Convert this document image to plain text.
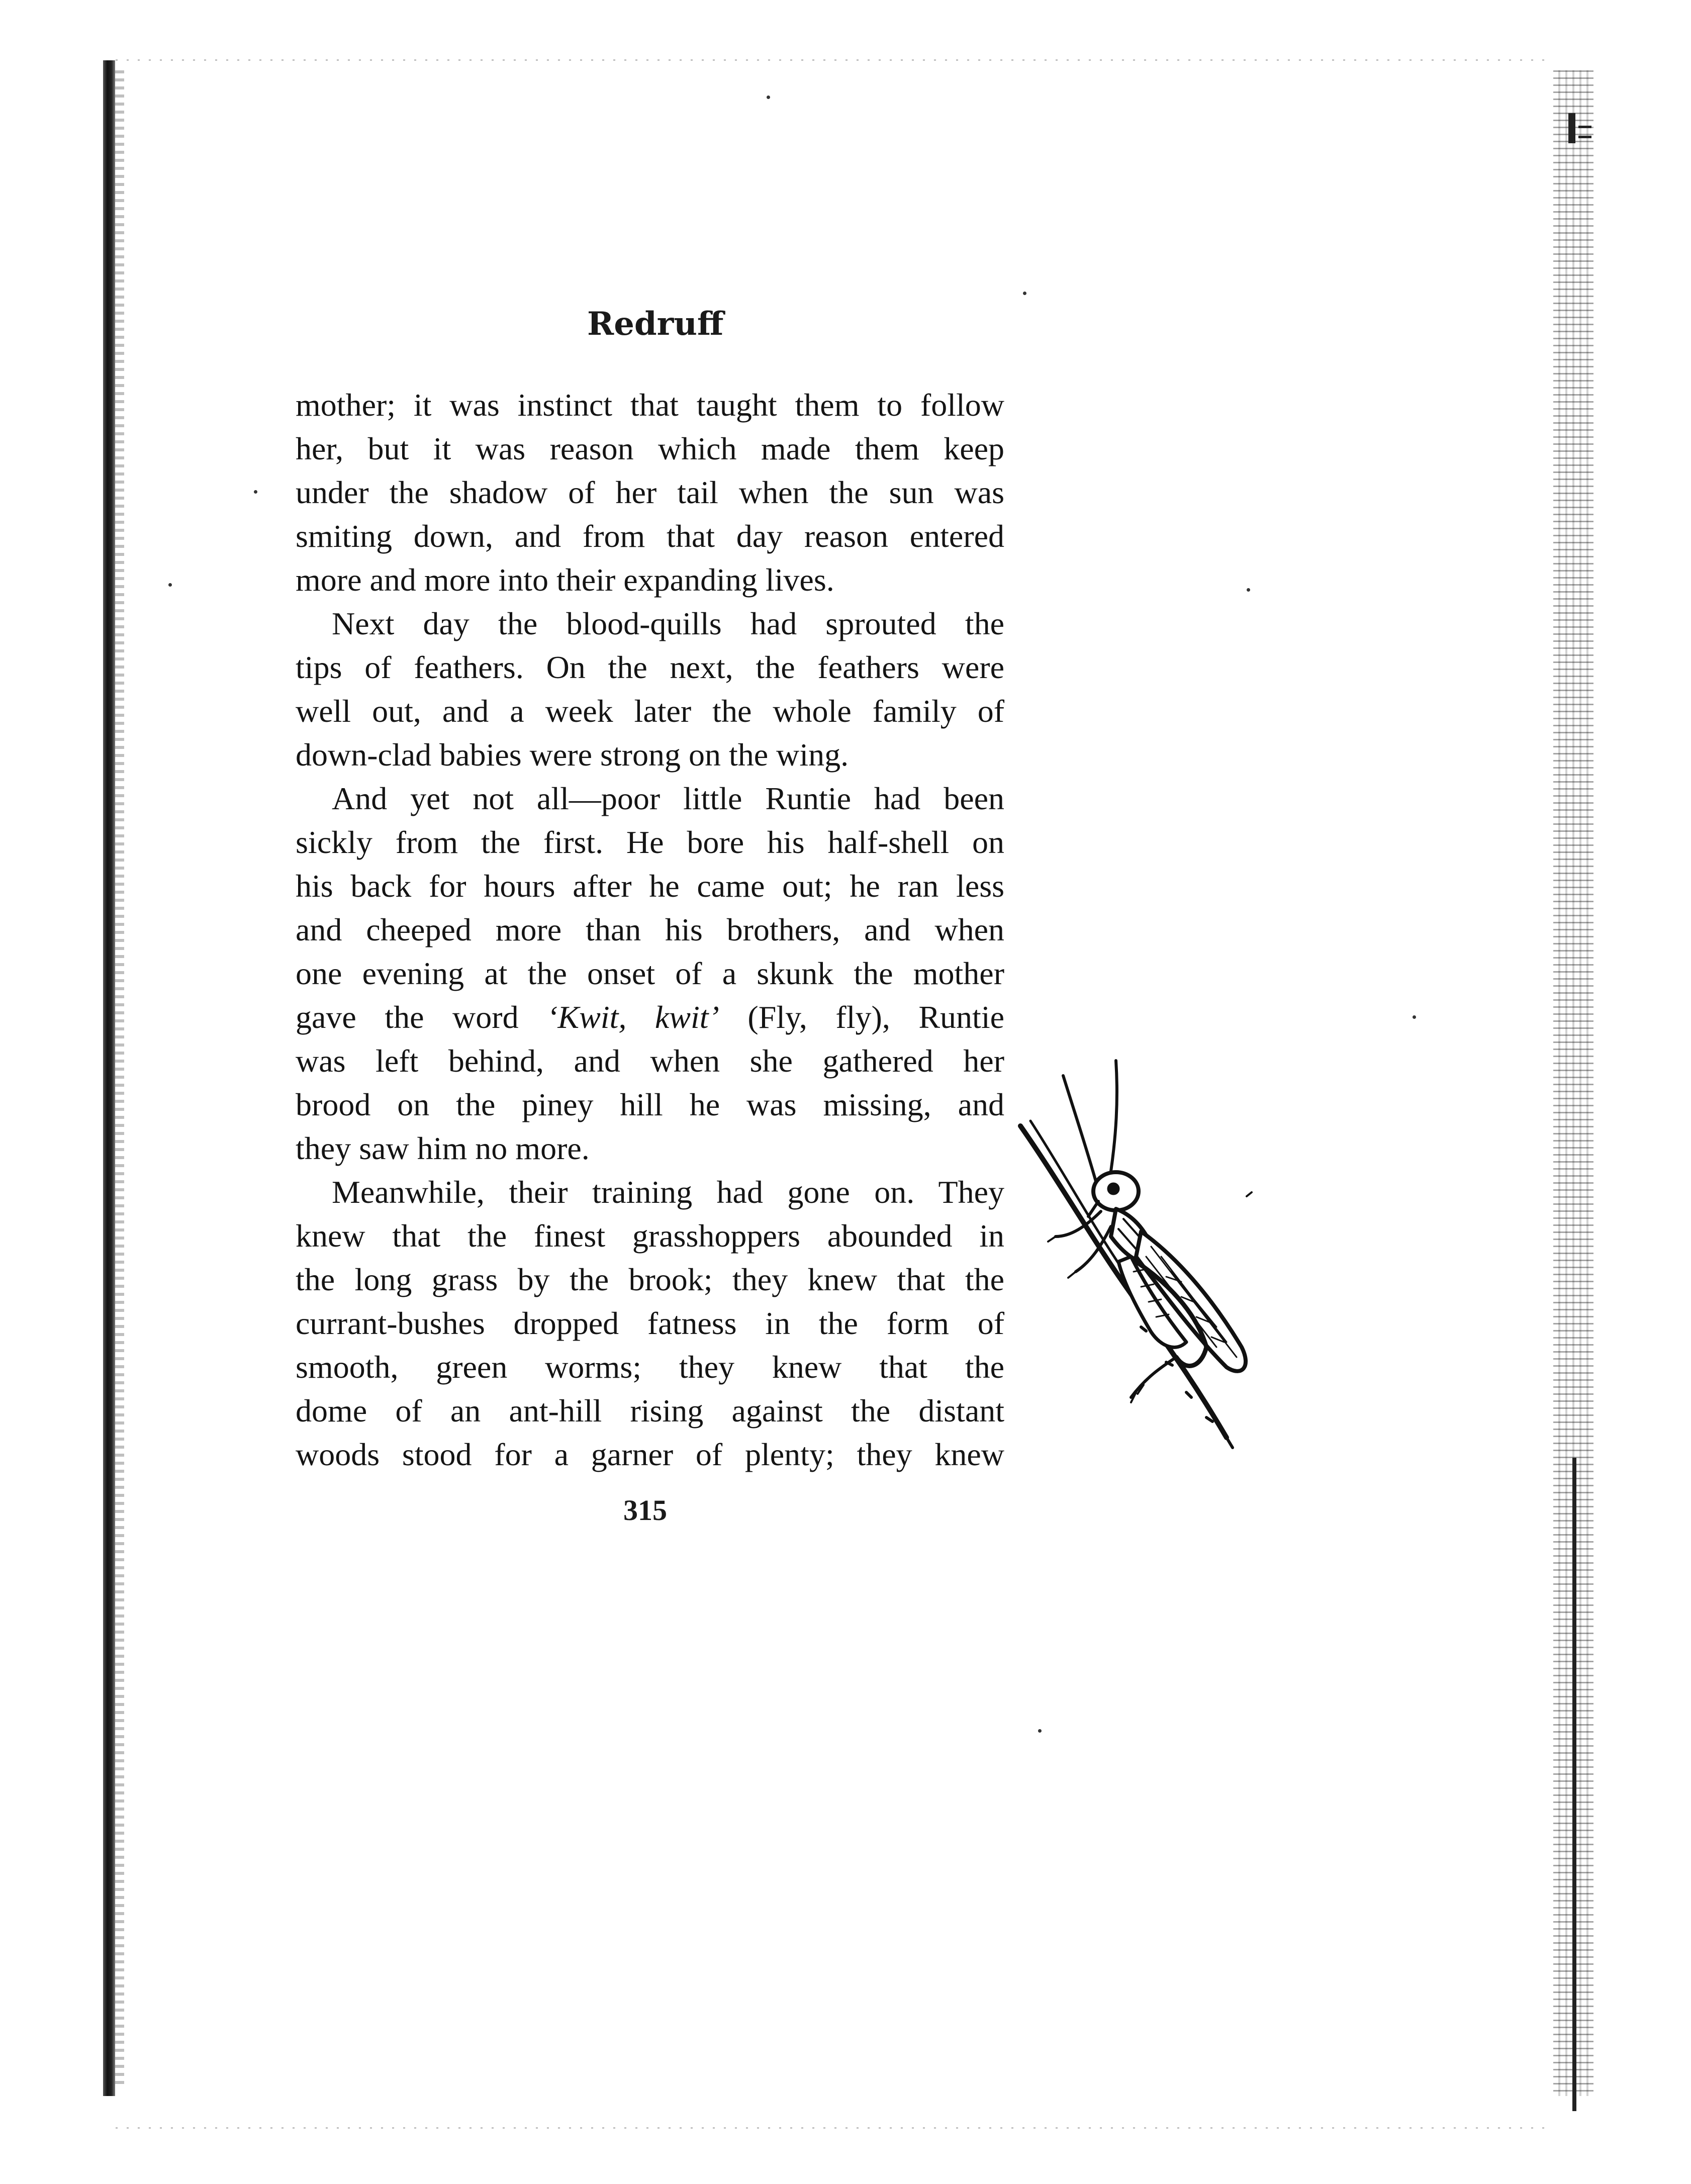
Redruff
mother; it was instinct that taught them to follow
her, but it was reason which made them keep
under the shadow of her tail when the sun was
smiting down, and from that day reason entered
more and more into their expanding lives.
Next day the blood-quills had sprouted the
tips of feathers. On the next, the feathers were
well out, and a week later the whole family of
down-clad babies were strong on the wing.
And yet not all—poor little Runtie had been
sickly from the first. He bore his half-shell on
his back for hours after he came out; he ran less
and cheeped more than his brothers, and when
one evening at the onset of a skunk the mother
gave the word ‘Kwit, kwit’ (Fly, fly), Runtie
was left behind, and when she gathered her
brood on the piney hill he was missing, and
they saw him no more.
Meanwhile, their training had gone on. They
knew that the finest grasshoppers abounded in
the long grass by the brook; they knew that the
currant-bushes dropped fatness in the form of
smooth, green worms; they knew that the
dome of an ant-hill rising against the distant
woods stood for a garner of plenty; they knew
315
